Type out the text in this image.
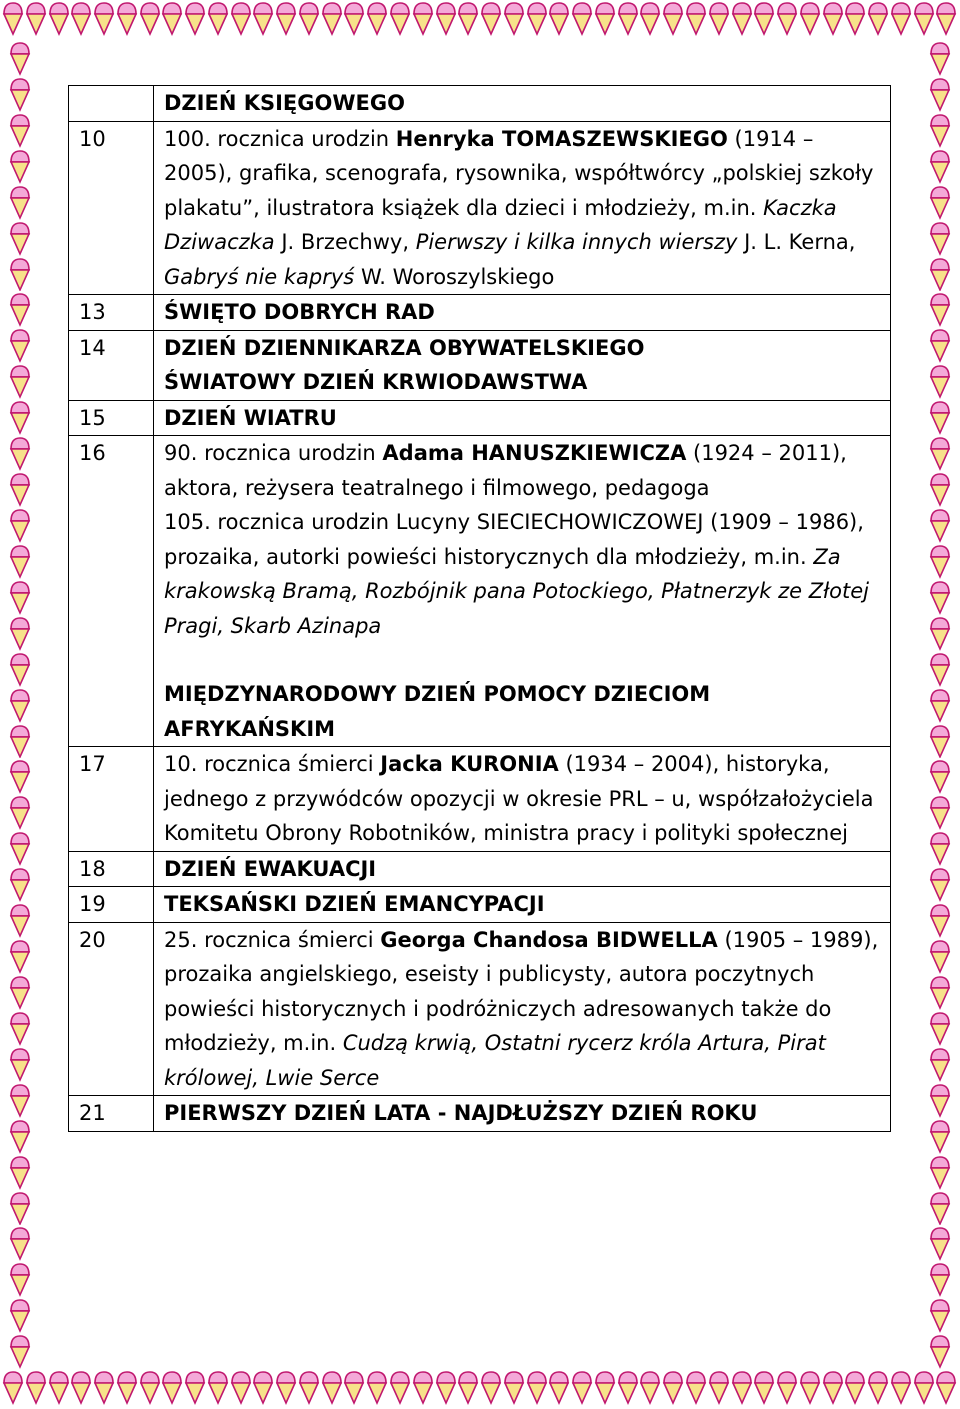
	DZIEŃ KSIĘGOWEGO
10	100. rocznica urodzin Henryka TOMASZEWSKIEGO (1914 – 2005), grafika, scenografa, rysownika, współtwórcy „polskiej szkoły plakatu”, ilustratora książek dla dzieci i młodzieży, m.in. Kaczka Dziwaczka J. Brzechwy, Pierwszy i kilka innych wierszy J. L. Kerna, Gabryś nie kapryś W. Woroszylskiego
13	ŚWIĘTO DOBRYCH RAD
14	DZIEŃ DZIENNIKARZA OBYWATELSKIEGO
ŚWIATOWY DZIEŃ KRWIODAWSTWA

15	DZIEŃ WIATRU
16	90. rocznica urodzin Adama HANUSZKIEWICZA (1924 – 2011), aktora, reżysera teatralnego i filmowego, pedagoga
105. rocznica urodzin Lucyny SIECIECHOWICZOWEJ (1909 – 1986), prozaika, autorki powieści historycznych dla młodzieży, m.in. Za krakowską Bramą, Rozbójnik pana Potockiego, Płatnerzyk ze Złotej Pragi, Skarb Azinapa
MIĘDZYNARODOWY DZIEŃ POMOCY DZIECIOM AFRYKAŃSKIM

17	10. rocznica śmierci Jacka KURONIA (1934 – 2004), historyka, jednego z przywódców opozycji w okresie PRL – u, współzałożyciela Komitetu Obrony Robotników, ministra pracy i polityki społecznej
18	DZIEŃ EWAKUACJI
19	TEKSAŃSKI DZIEŃ EMANCYPACJI
20	25. rocznica śmierci Georga Chandosa BIDWELLA (1905 – 1989), prozaika angielskiego, eseisty i publicysty, autora poczytnych powieści historycznych i podróżniczych adresowanych także do młodzieży, m.in. Cudzą krwią, Ostatni rycerz króla Artura, Pirat królowej, Lwie Serce
21	PIERWSZY DZIEŃ LATA - NAJDŁUŻSZY DZIEŃ ROKU
